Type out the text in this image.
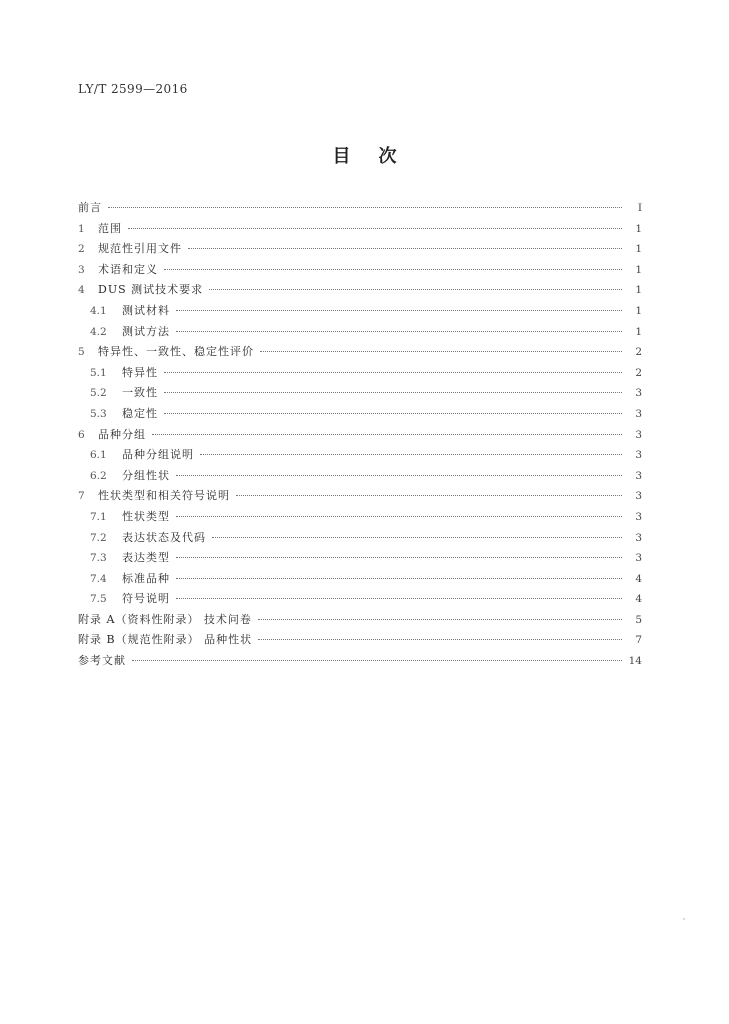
LY/T 2599—2016
目次
前言	I
1	范围	1
2	规范性引用文件	1
3	术语和定义	1
4	DUS 测试技术要求	1
4.1	测试材料	1
4.2	测试方法	1
5	特异性、一致性、稳定性评价	2
5.1	特异性	2
5.2	一致性	3
5.3	稳定性	3
6	品种分组	3
6.1	品种分组说明	3
6.2	分组性状	3
7	性状类型和相关符号说明	3
7.1	性状类型	3
7.2	表达状态及代码	3
7.3	表达类型	3
7.4	标准品种	4
7.5	符号说明	4
附录 A（资料性附录） 技术问卷	5
附录 B（规范性附录） 品种性状	7
参考文献	14
